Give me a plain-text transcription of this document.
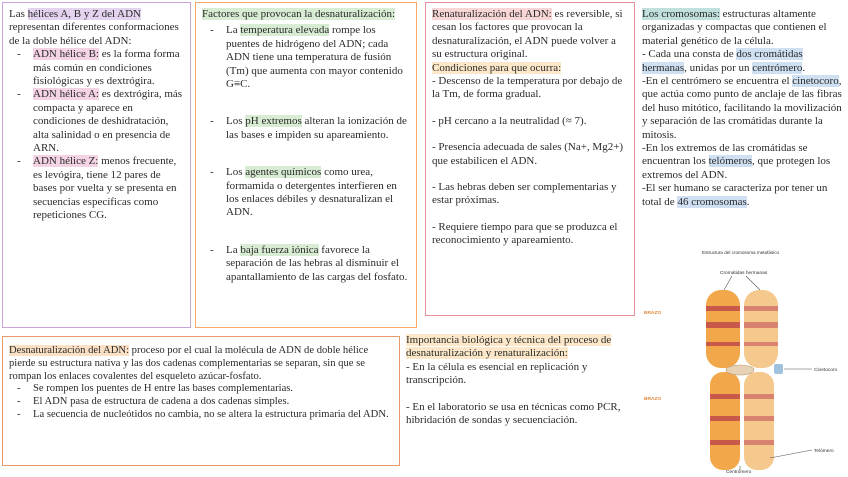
Las hélices A, B y Z del ADN representan diferentes conformaciones de la doble hélice del ADN:

- ADN hélice B: es la forma forma más común en condiciones fisiológicas y es dextrógira.
- ADN hélice A: es dextrógira, más compacta y aparece en condiciones de deshidratación, alta salinidad o en presencia de ARN.
- ADN hélice Z: menos frecuente, es levógira, tiene 12 pares de bases por vuelta y se presenta en secuencias específicas como repeticiones CG.

Factores que provocan la desnaturalización:

- La temperatura elevada rompe los puentes de hidrógeno del ADN; cada ADN tiene una temperatura de fusión (Tm) que aumenta con mayor contenido G≡C.
- Los pH extremos alteran la ionización de las bases e impiden su apareamiento.
- Los agentes químicos como urea, formamida o detergentes interfieren en los enlaces débiles y desnaturalizan el ADN.
- La baja fuerza iónica favorece la separación de las hebras al disminuir el apantallamiento de las cargas del fosfato.

Renaturalización del ADN: es reversible, si cesan los factores que provocan la desnaturalización, el ADN puede volver a su estructura original.

Condiciones para que ocurra:

- Descenso de la temperatura por debajo de la Tm, de forma gradual.

- pH cercano a la neutralidad (≈ 7).

- Presencia adecuada de sales (Na+, Mg2+) que estabilicen el ADN.

- Las hebras deben ser complementarias y estar próximas.

- Requiere tiempo para que se produzca el reconocimiento y apareamiento.

Los cromosomas: estructuras altamente organizadas y compactas que contienen el material genético de la célula.

- Cada una consta de dos cromátidas hermanas, unidas por un centrómero.

-En el centrómero se encuentra el cinetocoro, que actúa como punto de anclaje de las fibras del huso mitótico, facilitando la movilización y separación de las cromátidas durante la mitosis.

-En los extremos de las cromátidas se encuentran los telómeros, que protegen los extremos del ADN.

-El ser humano se caracteriza por tener un total de 46 cromosomas.

Desnaturalización del ADN: proceso por el cual la molécula de ADN de doble hélice pierde su estructura nativa y las dos cadenas complementarias se separan, sin que se rompan los enlaces covalentes del esqueleto azúcar-fosfato.

- Se rompen los puentes de H entre las bases complementarias.
- El ADN pasa de estructura de cadena a dos cadenas simples.
- La secuencia de nucleótidos no cambia, no se altera la estructura primaria del ADN.

Importancia biológica y técnica del proceso de desnaturalización y renaturalización:

- En la célula es esencial en replicación y transcripción.

- En el laboratorio se usa en técnicas como PCR, hibridación de sondas y secuenciación.

Estructura del cromosoma metafásico
Cromátidas hermanas
BRAZO
BRAZO
Cinetocoro
Telómero
Centrómero
